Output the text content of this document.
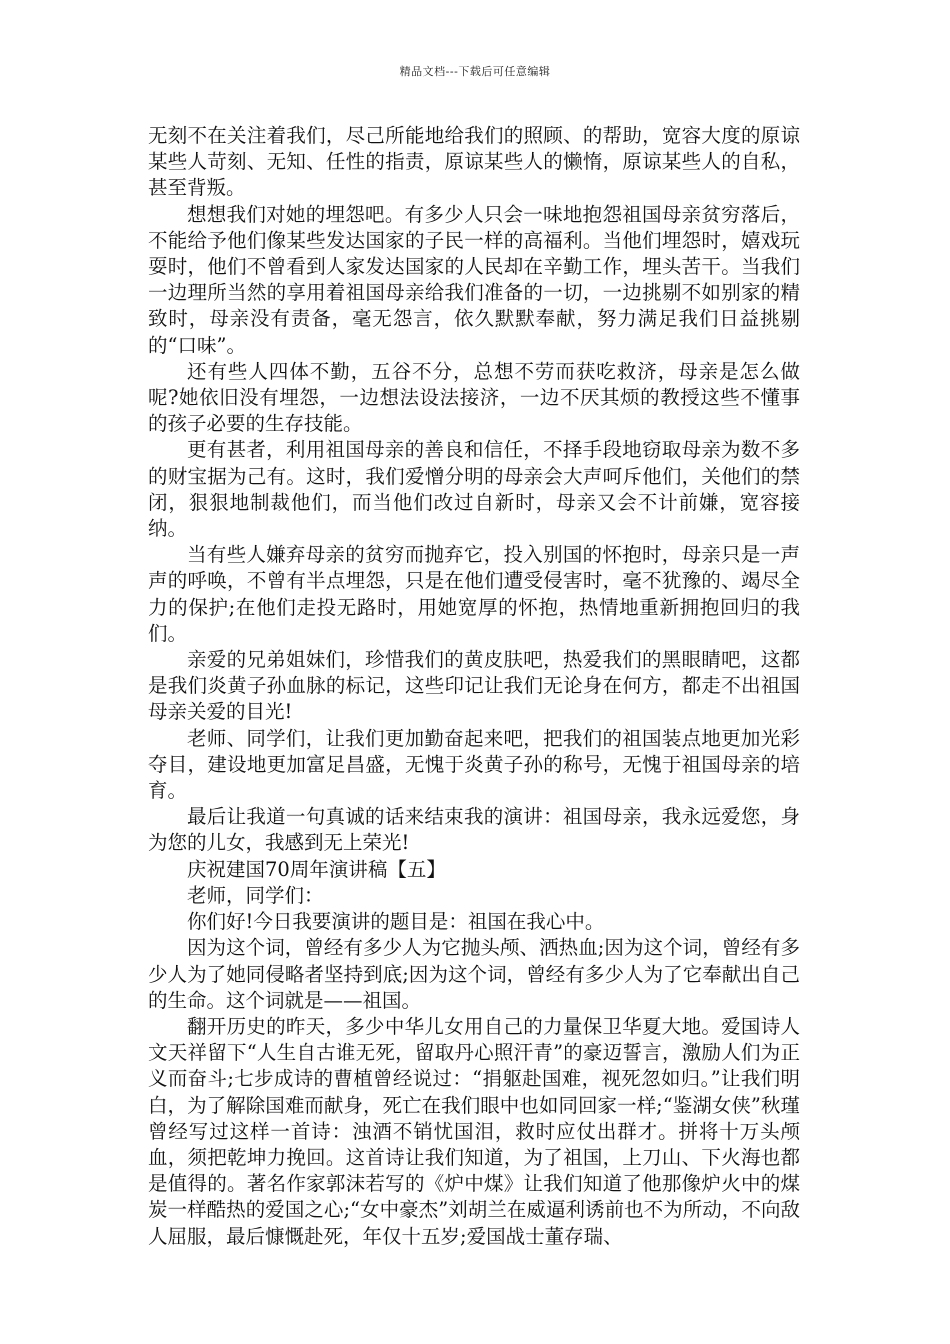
精品文档---下载后可任意编辑

无刻不在关注着我们，尽己所能地给我们的照顾、的帮助，宽容大度的原谅某些人苛刻、无知、任性的指责，原谅某些人的懒惰，原谅某些人的自私，甚至背叛。

想想我们对她的埋怨吧。有多少人只会一味地抱怨祖国母亲贫穷落后，不能给予他们像某些发达国家的子民一样的高福利。当他们埋怨时，嬉戏玩耍时，他们不曾看到人家发达国家的人民却在辛勤工作，埋头苦干。当我们一边理所当然的享用着祖国母亲给我们准备的一切，一边挑剔不如别家的精致时，母亲没有责备，毫无怨言，依久默默奉献，努力满足我们日益挑剔的“口味”。

还有些人四体不勤，五谷不分，总想不劳而获吃救济，母亲是怎么做呢?她依旧没有埋怨，一边想法设法接济，一边不厌其烦的教授这些不懂事的孩子必要的生存技能。

更有甚者，利用祖国母亲的善良和信任，不择手段地窃取母亲为数不多的财宝据为己有。这时，我们爱憎分明的母亲会大声呵斥他们，关他们的禁闭，狠狠地制裁他们，而当他们改过自新时，母亲又会不计前嫌，宽容接纳。

当有些人嫌弃母亲的贫穷而抛弃它，投入别国的怀抱时，母亲只是一声声的呼唤，不曾有半点埋怨，只是在他们遭受侵害时，毫不犹豫的、竭尽全力的保护;在他们走投无路时，用她宽厚的怀抱，热情地重新拥抱回归的我们。

亲爱的兄弟姐妹们，珍惜我们的黄皮肤吧，热爱我们的黑眼睛吧，这都是我们炎黄子孙血脉的标记，这些印记让我们无论身在何方，都走不出祖国母亲关爱的目光!

老师、同学们，让我们更加勤奋起来吧，把我们的祖国装点地更加光彩夺目，建设地更加富足昌盛，无愧于炎黄子孙的称号，无愧于祖国母亲的培育。

最后让我道一句真诚的话来结束我的演讲：祖国母亲，我永远爱您，身为您的儿女，我感到无上荣光!

庆祝建国70周年演讲稿【五】

老师，同学们：

你们好!今日我要演讲的题目是：祖国在我心中。

因为这个词，曾经有多少人为它抛头颅、洒热血;因为这个词，曾经有多少人为了她同侵略者坚持到底;因为这个词，曾经有多少人为了它奉献出自己的生命。这个词就是——祖国。

翻开历史的昨天，多少中华儿女用自己的力量保卫华夏大地。爱国诗人文天祥留下“人生自古谁无死，留取丹心照汗青”的豪迈誓言，激励人们为正义而奋斗;七步成诗的曹植曾经说过：“捐躯赴国难，视死忽如归。”让我们明白，为了解除国难而献身，死亡在我们眼中也如同回家一样;“鉴湖女侠”秋瑾曾经写过这样一首诗：浊酒不销忧国泪，救时应仗出群才。拼将十万头颅血，须把乾坤力挽回。这首诗让我们知道，为了祖国，上刀山、下火海也都是值得的。著名作家郭沫若写的《炉中煤》让我们知道了他那像炉火中的煤炭一样酷热的爱国之心;“女中豪杰”刘胡兰在威逼利诱前也不为所动，不向敌人屈服，最后慷慨赴死，年仅十五岁;爱国战士董存瑞、
